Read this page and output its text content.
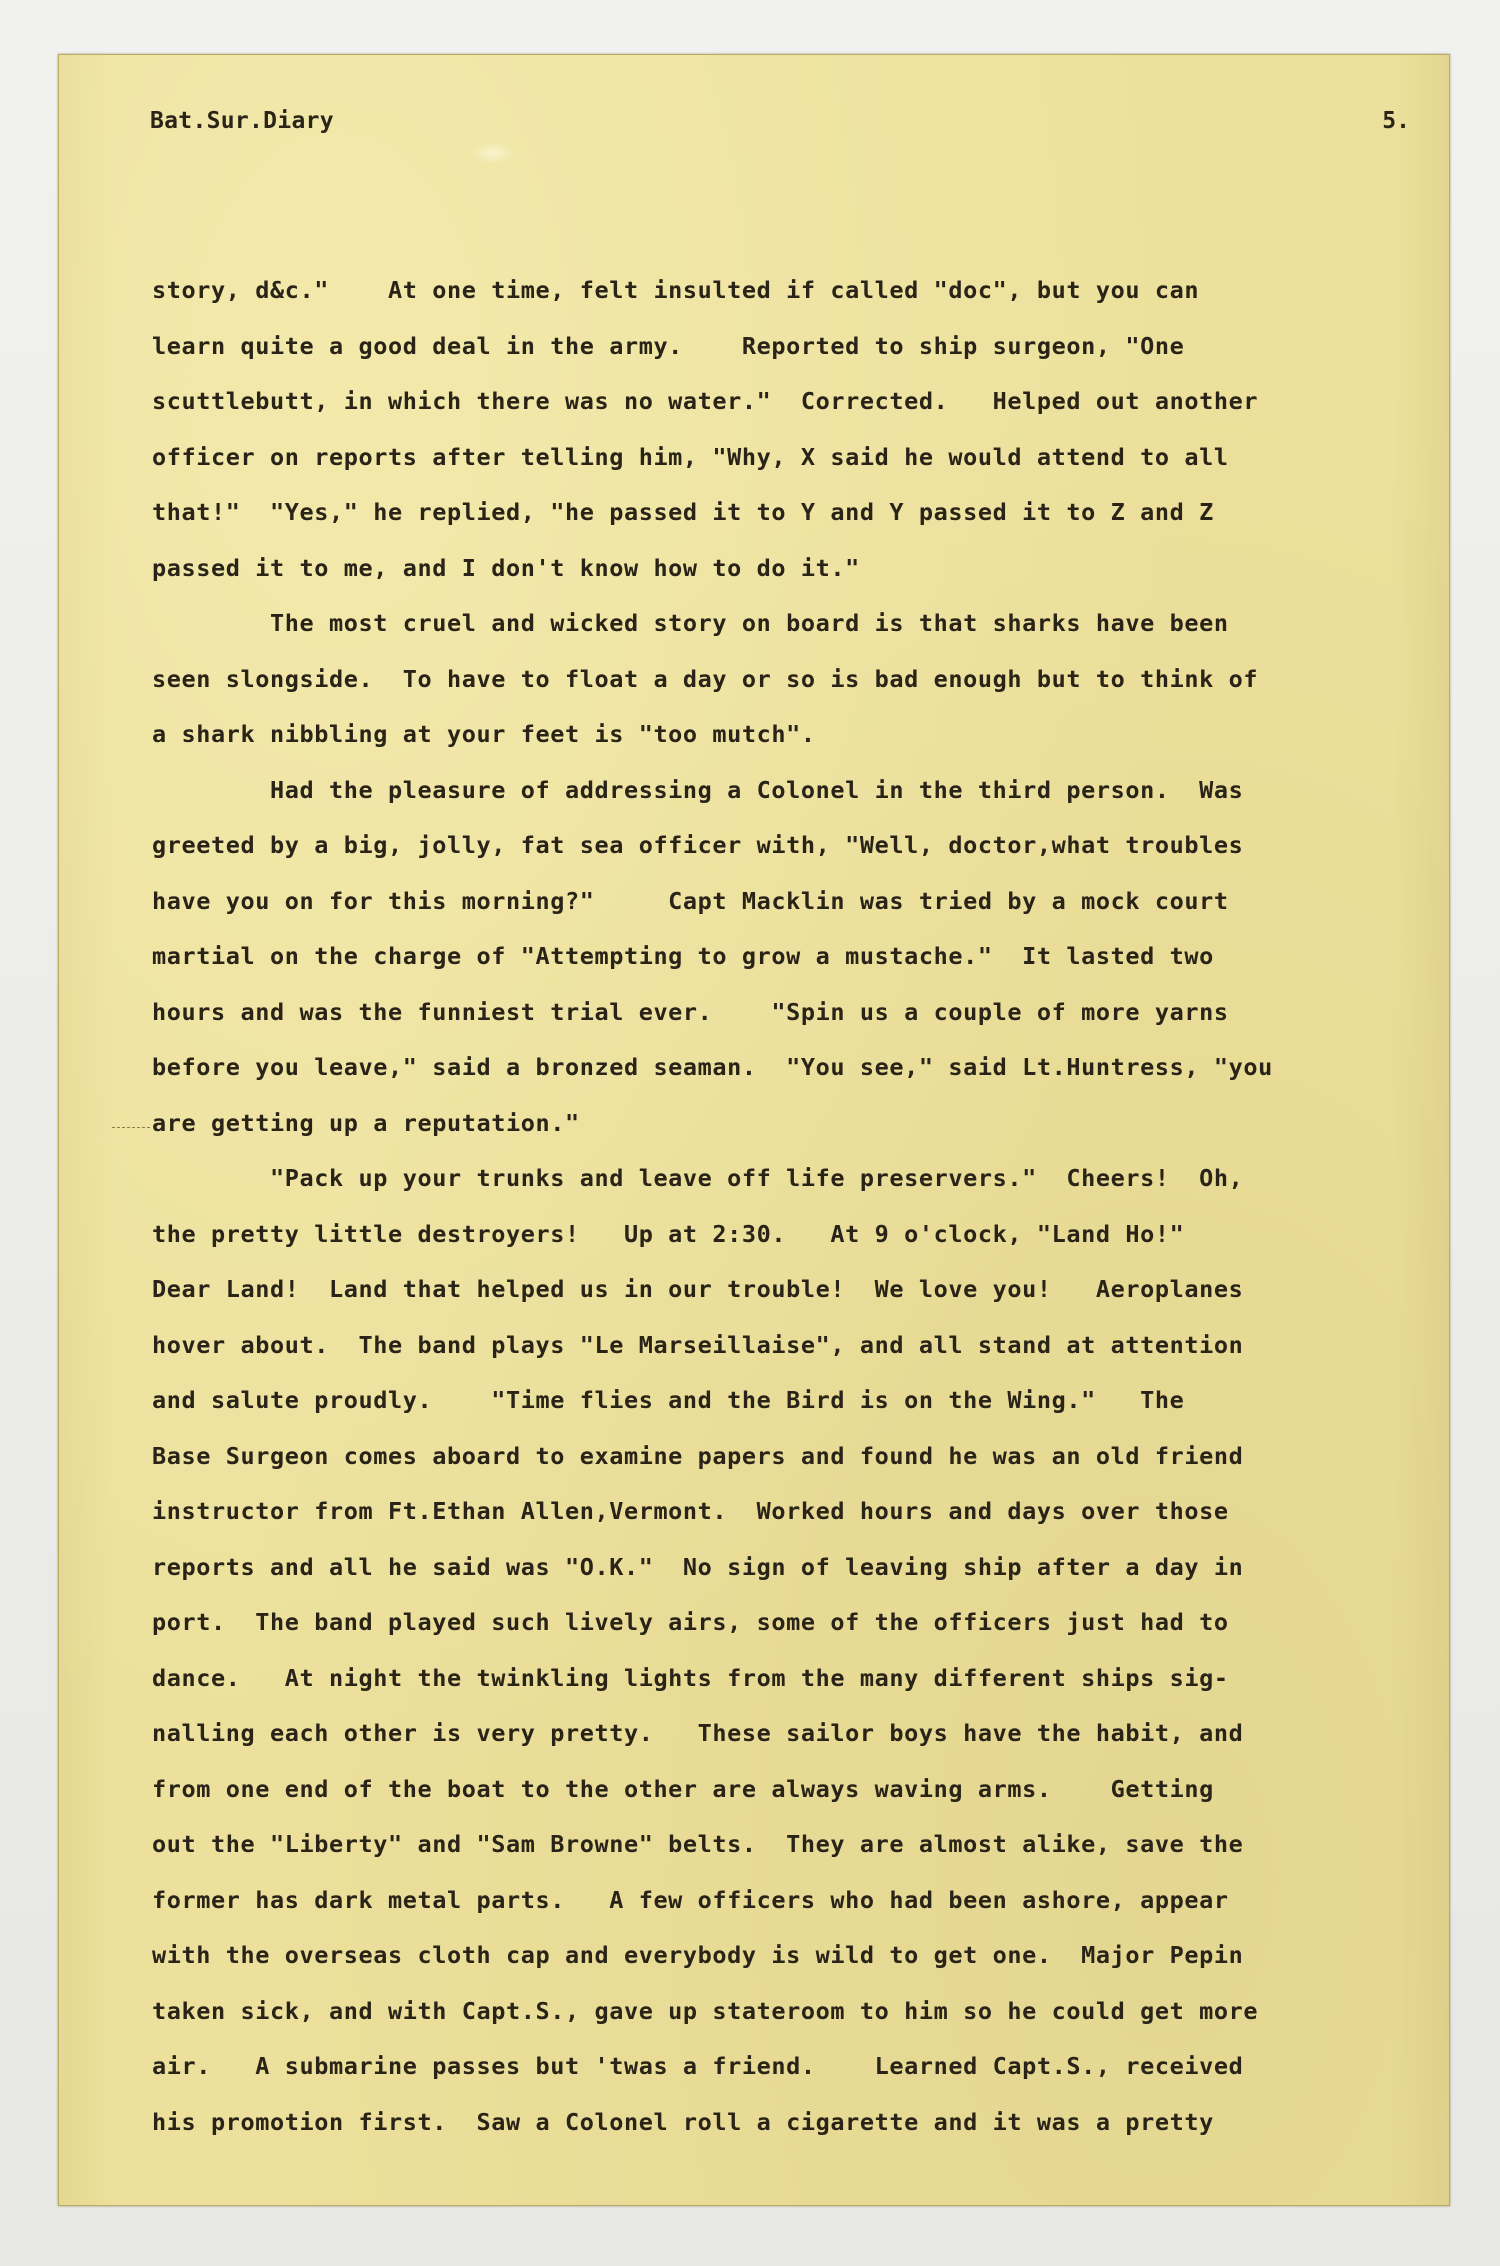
Bat.Sur.Diary	5.
story, d&c."    At one time, felt insulted if called "doc", but you can
learn quite a good deal in the army.    Reported to ship surgeon, "One
scuttlebutt, in which there was no water."  Corrected.   Helped out another
officer on reports after telling him, "Why, X said he would attend to all
that!"  "Yes," he replied, "he passed it to Y and Y passed it to Z and Z
passed it to me, and I don't know how to do it."
The most cruel and wicked story on board is that sharks have been
seen slongside.  To have to float a day or so is bad enough but to think of
a shark nibbling at your feet is "too mutch".
Had the pleasure of addressing a Colonel in the third person.  Was
greeted by a big, jolly, fat sea officer with, "Well, doctor,what troubles
have you on for this morning?"     Capt Macklin was tried by a mock court
martial on the charge of "Attempting to grow a mustache."  It lasted two
hours and was the funniest trial ever.    "Spin us a couple of more yarns
before you leave," said a bronzed seaman.  "You see," said Lt.Huntress, "you
are getting up a reputation."
"Pack up your trunks and leave off life preservers."  Cheers!  Oh,
the pretty little destroyers!   Up at 2:30.   At 9 o'clock, "Land Ho!"
Dear Land!  Land that helped us in our trouble!  We love you!   Aeroplanes
hover about.  The band plays "Le Marseillaise", and all stand at attention
and salute proudly.    "Time flies and the Bird is on the Wing."   The
Base Surgeon comes aboard to examine papers and found he was an old friend
instructor from Ft.Ethan Allen,Vermont.  Worked hours and days over those
reports and all he said was "O.K."  No sign of leaving ship after a day in
port.  The band played such lively airs, some of the officers just had to
dance.   At night the twinkling lights from the many different ships sig-
nalling each other is very pretty.   These sailor boys have the habit, and
from one end of the boat to the other are always waving arms.    Getting
out the "Liberty" and "Sam Browne" belts.  They are almost alike, save the
former has dark metal parts.   A few officers who had been ashore, appear
with the overseas cloth cap and everybody is wild to get one.  Major Pepin
taken sick, and with Capt.S., gave up stateroom to him so he could get more
air.   A submarine passes but 'twas a friend.    Learned Capt.S., received
his promotion first.  Saw a Colonel roll a cigarette and it was a pretty
